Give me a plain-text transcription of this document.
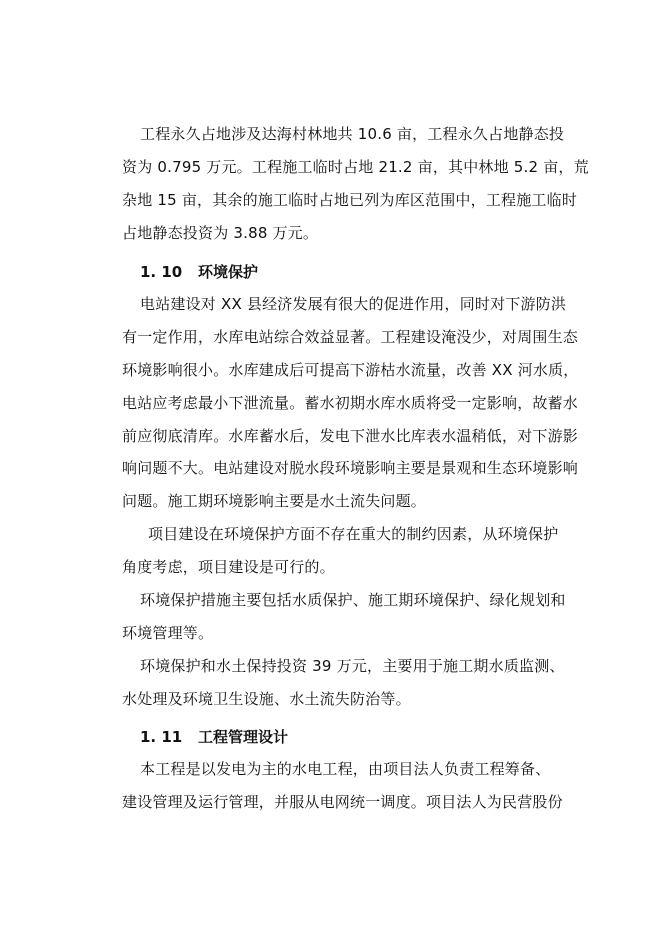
工程永久占地涉及达海村林地共 10.6 亩，工程永久占地静态投
资为 0.795 万元。工程施工临时占地 21.2 亩，其中林地 5.2 亩，荒
杂地 15 亩，其余的施工临时占地已列为库区范围中，工程施工临时
占地静态投资为 3.88 万元。
1. 10 环境保护
电站建设对 XX 县经济发展有很大的促进作用，同时对下游防洪
有一定作用，水库电站综合效益显著。工程建设淹没少，对周围生态
环境影响很小。水库建成后可提高下游枯水流量，改善 XX 河水质，
电站应考虑最小下泄流量。蓄水初期水库水质将受一定影响，故蓄水
前应彻底清库。水库蓄水后，发电下泄水比库表水温稍低，对下游影
响问题不大。电站建设对脱水段环境影响主要是景观和生态环境影响
问题。施工期环境影响主要是水土流失问题。
项目建设在环境保护方面不存在重大的制约因素，从环境保护
角度考虑，项目建设是可行的。
环境保护措施主要包括水质保护、施工期环境保护、绿化规划和
环境管理等。
环境保护和水土保持投资 39 万元，主要用于施工期水质监测、
水处理及环境卫生设施、水土流失防治等。
1. 11 工程管理设计
本工程是以发电为主的水电工程，由项目法人负责工程筹备、
建设管理及运行管理，并服从电网统一调度。项目法人为民营股份
